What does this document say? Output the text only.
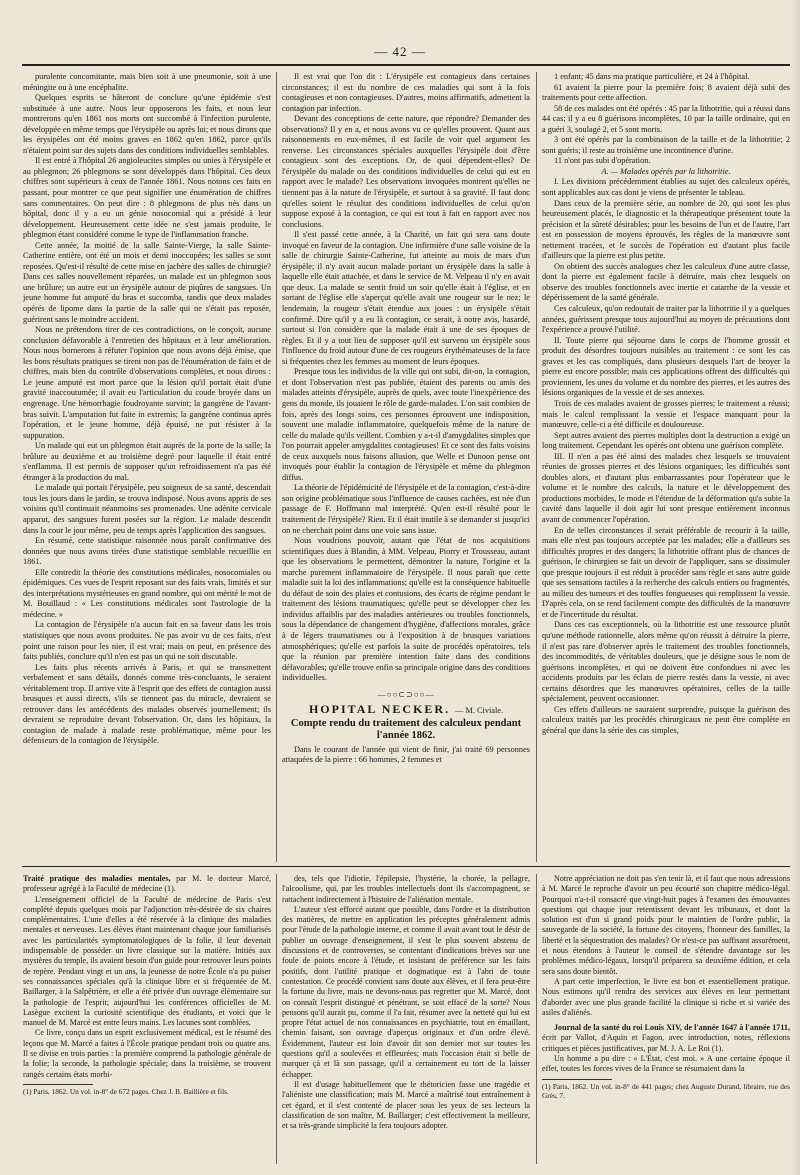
— 42 —

purulente concomitante, mais bien soit à une pneumonie, soit à une méningite ou à une encéphalite.

Quelques esprits se hâteront de conclure qu'une épidémie s'est substituée à une autre. Nous leur opposerons les faits, et nous leur montrerons qu'en 1861 nos morts ont succombé à l'infection purulente, développée en même temps que l'érysipèle ou après lui; et nous dirons que les érysipèles ont été moins graves en 1862 qu'en 1862, parce qu'ils n'étaient point sur des sujets dans des conditions individuelles semblables.

Il est entré à l'hôpital 26 angioleucites simples ou unies à l'érysipèle et au phlegmon; 26 phlegmons se sont développés dans l'hôpital. Ces deux chiffres sont supérieurs à ceux de l'année 1861. Nous notons ces faits en passant, pour montrer ce que peut signifier une énumération de chiffres sans commentaires. On peut dire : 8 phlegmons de plus nés dans un hôpital, donc il y a eu un génie nosocomial qui a présidé à leur développement. Heureusement cette idée ne s'est jamais produite, le phlegmon étant considéré comme le type de l'inflammation franche.

Cette année, la moitié de la salle Sainte-Vierge, la salle Sainte-Catherine entière, ont été un mois et demi inoccupées; les salles se sont reposées. Qu'est-il résulté de cette mise en jachère des salles de chirurgie? Dans ces salles nouvellement réparées, un malade est un phlegmon sous une brûlure; un autre eut un érysipèle autour de piqûres de sangsues. Un jeune homme fut amputé du bras et succomba, tandis que deux malades opérés de lipome dans la partie de la salle qui ne s'était pas reposée, guérirent sans le moindre accident.

Nous ne prétendons tirer de ces contradictions, on le conçoit, aucune conclusion défavorable à l'entretien des hôpitaux et à leur amélioration. Nous nous bornerons à réfuter l'opinion que nous avons déjà émise, que les bons résultats pratiques se tirent non pas de l'énumération de faits et de chiffres, mais bien du contrôle d'observations complètes, et nous dirons : Le jeune amputé est mort parce que la lésion qu'il portait était d'une gravité inaccoutumée; il avait eu l'articulation du coude broyée dans un engrenage. Une hémorrhagie foudroyante survint; la gangrène de l'avant-bras suivit. L'amputation fut faite in extremis; la gangrène continua après l'opération, et le jeune homme, déjà épuisé, ne put résister à la suppuration.

Un malade qui eut un phlegmon était auprès de la porte de la salle; la brûlure au deuxième et au troisième degré pour laquelle il était entré s'enflamma. Il est permis de supposer qu'un refroidissement n'a pas été étranger à la production du mal.

Le malade qui portait l'érysipèle, peu soigneux de sa santé, descendait tous les jours dans le jardin, se trouva indisposé. Nous avons appris de ses voisins qu'il continuait néanmoins ses promenades. Une adénite cervicale apparut, des sangsues furent posées sur la région. Le malade descendit dans la cour le jour même, peu de temps après l'application des sangsues.

En résumé, cette statistique raisonnée nous paraît confirmative des données que nous avons tirées d'une statistique semblable recueillie en 1861.

Elle contredit la théorie des constitutions médicales, nosocomiales ou épidémiques. Ces vues de l'esprit reposant sur des faits vrais, limités et sur des interprétations mystérieuses en grand nombre, qui ont mérité le mot de M. Bouillaud : « Les constitutions médicales sont l'astrologie de la médecine. »

La contagion de l'érysipèle n'a aucun fait en sa faveur dans les trois statistiques que nous avons produites. Ne pas avoir vu de ces faits, n'est point une raison pour les nier, il est vrai; mais on peut, en présence des faits publiés, conclure qu'il n'en est pas un qui ne soit discutable.

Les faits plus récents arrivés à Paris, et qui se transmettent verbalement et sans détails, donnés comme très-concluants, le seraient véritablement trop. Il arrive vite à l'esprit que des effets de contagion aussi brusques et aussi directs, s'ils se tiennent pas du miracle, devraient se retrouver dans les antécédents des malades observés journellement; ils devraient se reproduire devant l'observation. Or, dans les hôpitaux, la contagion de malade à malade reste problématique, même pour les défenseurs de la contagion de l'érysipèle.

Il est vrai que l'on dit : L'érysipèle est contagieux dans certaines circonstances; il est du nombre de ces maladies qui sont à la fois contagieuses et non contagieuses. D'autres, moins affirmatifs, admettent la contagion par infection.

Devant des conceptions de cette nature, que répondre? Demander des observations? Il y en a, et nous avons vu ce qu'elles prouvent. Quant aux raisonnements en eux-mêmes, il est facile de voir quel argument les renverse. Les circonstances spéciales auxquelles l'érysipèle doit d'être contagieux sont des exceptions. Or, de quoi dépendent-elles? De l'érysipèle du malade ou des conditions individuelles de celui qui est en rapport avec le malade? Les observations invoquées montrent qu'elles ne tiennent pas à la nature de l'érysipèle, et surtout à sa gravité. Il faut donc qu'elles soient le résultat des conditions individuelles de celui qu'on suppose exposé à la contagion, ce qui est tout à fait en rapport avec nos conclusions.

Il s'est passé cette année, à la Charité, un fait qui sera sans doute invoqué en faveur de la contagion. Une infirmière d'une salle voisine de la salle de chirurgie Sainte-Catherine, fut atteinte au mois de mars d'un érysipèle; il n'y avait aucun malade portant un érysipèle dans la salle à laquelle elle était attachée, et dans le service de M. Velpeau il n'y en avait que deux. La malade se sentit froid un soir qu'elle était à l'église, et en sortant de l'église elle s'aperçut qu'elle avait une rougeur sur le nez; le lendemain, la rougeur s'était étendue aux joues : un érysipèle s'était confirmé. Dire qu'il y a eu là contagion, ce serait, à notre avis, hasardé, surtout si l'on considère que la malade était à une de ses époques de règles. Et il y a tout lieu de supposer qu'il est survenu un érysipèle sous l'influence du froid autour d'une de ces rougeurs érythémateuses de la face si fréquentes chez les femmes au moment de leurs époques.

Presque tous les individus de la ville qui ont subi, dit-on, la contagion, et dont l'observation n'est pas publiée, étaient des parents ou amis des malades atteints d'érysipèle, auprès de quels, avec toute l'inexpérience des gens du monde, ils jouaient le rôle de garde-malades. L'on sait combien de fois, après des longs soins, ces personnes éprouvent une indisposition, souvent une maladie inflammatoire, quelquefois même de la nature de celle du malade qu'ils veillent. Combien y a-t-il d'amygdalites simples que l'on pourrait appeler amygdalites contagieuses! Et ce sont des faits voisins de ceux auxquels nous faisons allusion, que Welle et Dunoon pense ont invoqués pour établir la contagion de l'érysipèle et même du phlegmon diffus.

La théorie de l'épidémicité de l'érysipèle et de la contagion, c'est-à-dire son origine problématique sous l'influence de causes cachées, est née d'un passage de F. Hoffmann mal interprété. Qu'en est-il résulté pour le traitement de l'érysipèle? Rien. Et il était inutile à se demander si jusqu'ici on ne cherchait point dans une voie sans issue.

Nous voudrions pouvoir, autant que l'état de nos acquisitions scientifiques dues à Blandin, à MM. Velpeau, Piorry et Trousseau, autant que les observations le permettent, démontrer la nature, l'origine et la marche purement inflammatoire de l'érysipèle. Il nous paraît que cette maladie suit la loi des inflammations; qu'elle est la conséquence habituelle du défaut de soin des plaies et contusions, des écarts de régime pendant le traitement des lésions traumatiques; qu'elle peut se développer chez les individus affaiblis par des maladies antérieures ou troubles fonctionnels, sous la dépendance de changement d'hygiène, d'affections morales, grâce à de légers traumatismes ou à l'exposition à de brusques variations atmosphériques; qu'elle est parfois la suite de procédés opératoires, tels que la réunion par première intention faite dans des conditions défavorables; qu'elle trouve enfin sa principale origine dans des conditions individuelles.

—○○⊂⊃○○—
HOPITAL NECKER. — M. Civiale.
Compte rendu du traitement des calculeux pendant l'année 1862.

Dans le courant de l'année qui vient de finir, j'ai traité 69 personnes attaquées de la pierre : 66 hommes, 2 femmes et

1 enfant; 45 dans ma pratique particulière, et 24 à l'hôpital.

61 avaient la pierre pour la première fois; 8 avaient déjà subi des traitements pour cette affection.

58 de ces malades ont été opérés : 45 par la lithotritie, qui a réussi dans 44 cas; il y a eu 8 guérisons incomplètes, 10 par la taille ordinaire, qui en a guéri 3, soulagé 2, et 5 sont morts.

3 ont été opérés par la combinaison de la taille et de la lithotritie; 2 sont guéris; il reste au troisième une incontinence d'urine.

11 n'ont pas subi d'opération.

A. — Malades opérés par la lithotritie.

I. Les divisions précédemment établies au sujet des calculeux opérés, sont applicables aux cas dont je viens de présenter le tableau.

Dans ceux de la première série, au nombre de 20, qui sont les plus heureusement placés, le diagnostic et la thérapeutique présentent toute la précision et la sûreté désirables; pour les besoins de l'un et de l'autre, l'art est en possession de moyens éprouvés, les règles de la manœuvre sont nettement tracées, et le succès de l'opération est d'autant plus facile d'ailleurs que la pierre est plus petite.

On obtient des succès analogues chez les calculeux d'une autre classe, dont la pierre est également facile à détruire, mais chez lesquels on observe des troubles fonctionnels avec inertie et catarrhe de la vessie et dépérissement de la santé générale.

Ces calculeux, qu'on redoutait de traiter par la lithotritie il y a quelques années, guérissent presque tous aujourd'hui au moyen de précautions dont l'expérience a prouvé l'utilité.

II. Toute pierre qui séjourne dans le corps de l'homme grossit et produit des désordres toujours nuisibles au traitement : ce sont les cas graves et les cas compliqués, dans plusieurs desquels l'art de broyer la pierre est encore possible; mais ces applications offrent des difficultés qui proviennent, les unes du volume et du nombre des pierres, et les autres des lésions organiques de la vessie et de ses annexes.

Trois de ces malades avaient de grosses pierres; le traitement a réussi; mais le calcul remplissant la vessie et l'espace manquant pour la manœuvre, celle-ci a été difficile et douloureuse.

Sept autres avaient des pierres multiples dont la destruction a exigé un long traitement. Cependant les opérés ont obtenu une guérison complète.

III. Il n'en a pas été ainsi des malades chez lesquels se trouvaient réunies de grosses pierres et des lésions organiques; les difficultés sont doubles alors, et d'autant plus embarrassantes pour l'opérateur que le volume et le nombre des calculs, la nature et le développement des productions morbides, le mode et l'étendue de la déformation qu'a subie la cavité dans laquelle il doit agir lui sont presque entièrement inconnus avant de commencer l'opération.

En de telles circonstances il serait préférable de recourir à la taille, mais elle n'est pas toujours acceptée par les malades; elle a d'ailleurs ses difficultés propres et des dangers; la lithotritie offrant plus de chances de guérison, le chirurgien se fait un devoir de l'appliquer, sans se dissimuler que presque toujours il est réduit à procéder sans règle et sans autre guide que ses sensations tactiles à la recherche des calculs entiers ou fragmentés, au milieu des tumeurs et des touffes fongueuses qui remplissent la vessie. D'après cela, on se rend facilement compte des difficultés de la manœuvre et de l'incertitude du résultat.

Dans ces cas exceptionnels, où la lithotritie est une ressource plutôt qu'une méthode rationnelle, alors même qu'on réussit à détruire la pierre, il n'est pas rare d'observer après le traitement des troubles fonctionnels, des incommodités, de véritables douleurs, que je désigne sous le nom de guérisons incomplètes, et qui ne doivent être confondues ni avec les accidents produits par les éclats de pierre restés dans la vessie, ni avec certains désordres que les manœuvres opératoires, celles de la taille spécialement, peuvent occasionner.

Ces effets d'ailleurs ne sauraient surprendre, puisque la guérison des calculeux traités par les procédés chirurgicaux ne peut être complète en général que dans la série des cas simples,

Traité pratique des maladies mentales, par M. le docteur Marcé, professeur agrégé à la Faculté de médecine (1).

L'enseignement officiel de la Faculté de médecine de Paris s'est complété depuis quelques mois par l'adjonction très-désirée de six chaires complémentaires. L'une d'elles a été réservée à la clinique des maladies mentales et nerveuses. Les élèves étant maintenant chaque jour familiarisés avec les particularités symptomatologiques de la folie, il leur devenait indispensable de posséder un livre classique sur la matière. Initiés aux mystères du temple, ils avaient besoin d'un guide pour retrouver leurs points de repère. Pendant vingt et un ans, la jeunesse de notre École n'a pu puiser ses connaissances spéciales qu'à la clinique libre et si fréquentée de M. Baillarger, à la Salpêtrière, et elle a été privée d'un ouvrage élémentaire sur la pathologie de l'esprit; aujourd'hui les conférences officielles de M. Lasègue excitent la curiosité scientifique des étudiants, et voici que le manuel de M. Marcé est entre leurs mains. Les lacunes sont comblées.

Ce livre, conçu dans un esprit exclusivement médical, est le résumé des leçons que M. Marcé a faites à l'École pratique pendant trois ou quatre ans. Il se divise en trois parties : la première comprend la pathologie générale de la folie; la seconde, la pathologie spéciale; dans la troisième, se trouvent rangés certains états morbi-

(1) Paris, 1862. Un vol. in-8° de 672 pages. Chez J. B. Baillière et fils.

des, tels que l'idiotie, l'épilepsie, l'hystérie, la chorée, la pellagre, l'alcoolisme, qui, par les troubles intellectuels dont ils s'accompagnent, se rattachent indirectement à l'histoire de l'aliénation mentale.

L'auteur s'est efforcé autant que possible, dans l'ordre et la distribution des matières, de mettre en application les préceptes généralement admis pour l'étude de la pathologie interne, et comme il avait avant tout le désir de publier un ouvrage d'enseignement, il s'est le plus souvent abstenu de discussions et de controverses, se contentant d'indications brèves sur une foule de points encore à l'étude, et insistant de préférence sur les faits positifs, dont l'utilité pratique et dogmatique est à l'abri de toute contestation. Ce procédé convient sans doute aux élèves, et il fera peut-être la fortune du livre, mais ne devons-nous pas regretter que M. Marcé, dont on connaît l'esprit distingué et pénétrant, se soit effacé de la sorte? Nous pensons qu'il aurait pu, comme il l'a fait, résumer avec la netteté qui lui est propre l'état actuel de nos connaissances en psychiatrie, tout en émaillant, chemin faisant, son ouvrage d'aperçus originaux et d'un ordre élevé. Évidemment, l'auteur est loin d'avoir dit son dernier mot sur toutes les questions qu'il a soulevées et effleurées; mais l'occasion était si belle de marquer çà et là son passage, qu'il a certainement eu tort de la laisser échapper.

Il est d'usage habituellement que le rhétoricien fasse une tragédie et l'aliéniste une classification; mais M. Marcé a maîtrisé tout entraînement à cet égard, et il s'est contenté de placer sous les yeux de ses lecteurs la classification de son maître, M. Baillarger; c'est effectivement la meilleure, et sa très-grande simplicité la fera toujours adopter.

Notre appréciation ne doit pas s'en tenir là, et il faut que nous adressions à M. Marcé le reproche d'avoir un peu écourté son chapitre médico-légal. Pourquoi n'a-t-il consacré que vingt-huit pages à l'examen des émouvantes questions qui chaque jour retentissent devant les tribunaux, et dont la solution est d'un si grand poids pour le maintien de l'ordre public, la sauvegarde de la société, la fortune des citoyens, l'honneur des familles, la liberté et la séquestration des malades? Or n'est-ce pas suffisant assurément, et nous étendons à l'auteur le conseil de s'étendre davantage sur les problèmes médico-légaux, lorsqu'il préparera sa deuxième édition, et cela sera sans doute bientôt.

A part cette imperfection, le livre est bon et essentiellement pratique. Nous estimons qu'il rendra des services aux élèves en leur permettant d'aborder avec une plus grande facilité la clinique si riche et si variée des asiles d'aliénés.

Journal de la santé du roi Louis XIV, de l'année 1647 à l'année 1711, écrit par Vallot, d'Aquin et Fagon, avec introduction, notes, réflexions critiques et pièces justificatives, par M. J. A. Le Roi (1).

Un homme a pu dire : « L'État, c'est moi. » A une certaine époque il effet, toutes les forces vives de la France se résumaient dans la

(1) Paris, 1862. Un vol. in-8° de 441 pages; chez Auguste Durand, libraire, rue des Grès, 7.
